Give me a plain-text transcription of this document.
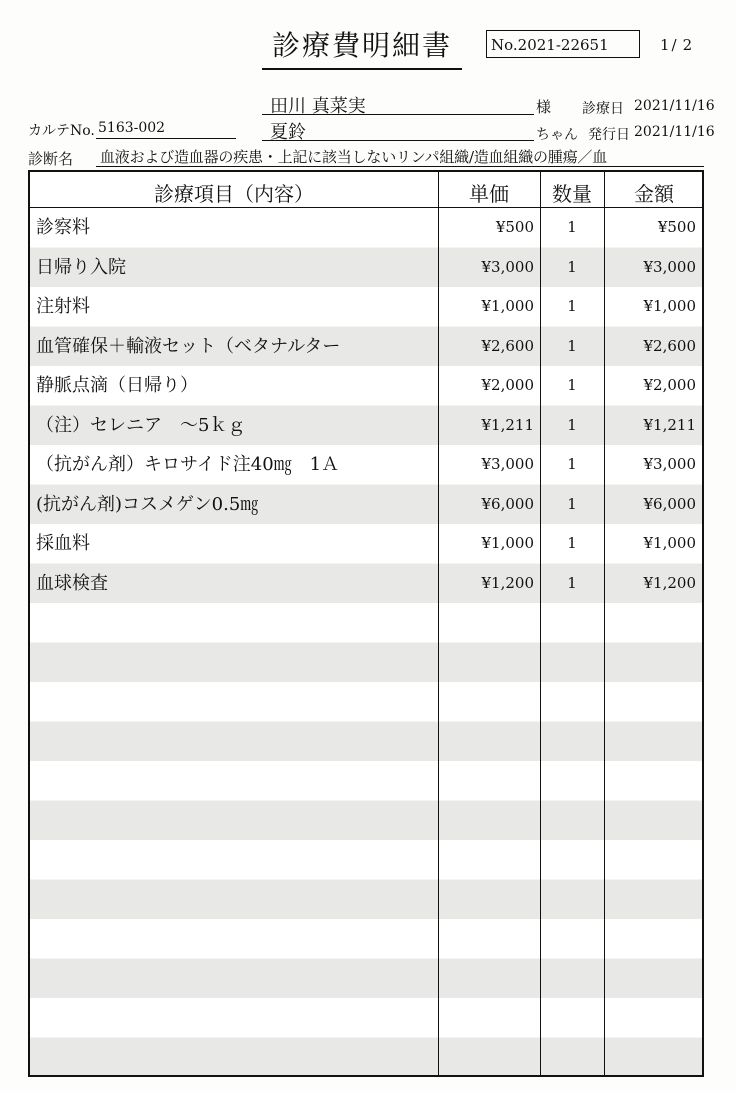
診療費明細書	No.2021-22651	1 / 2
田川 真菜実	様 診療日 2021/11/16
カルテNo. 5163-002	夏鈴	ちゃん 発行日 2021/11/16
診断名 血液および造血器の疾患・上記に該当しないリンパ組織/造血組織の腫瘍／血
診療項目（内容）	単価	数量	金額
診察料	¥500	1	¥500
日帰り入院	¥3,000	1	¥3,000
注射料	¥1,000	1	¥1,000
血管確保＋輸液セット（ベタナルター	¥2,600	1	¥2,600
静脈点滴（日帰り）	¥2,000	1	¥2,000
（注）セレニア　～5ｋｇ	¥1,211	1	¥1,211
（抗がん剤）キロサイド注40㎎　1Ａ	¥3,000	1	¥3,000
(抗がん剤)コスメゲン0.5㎎	¥6,000	1	¥6,000
採血料	¥1,000	1	¥1,000
血球検査	¥1,200	1	¥1,200
